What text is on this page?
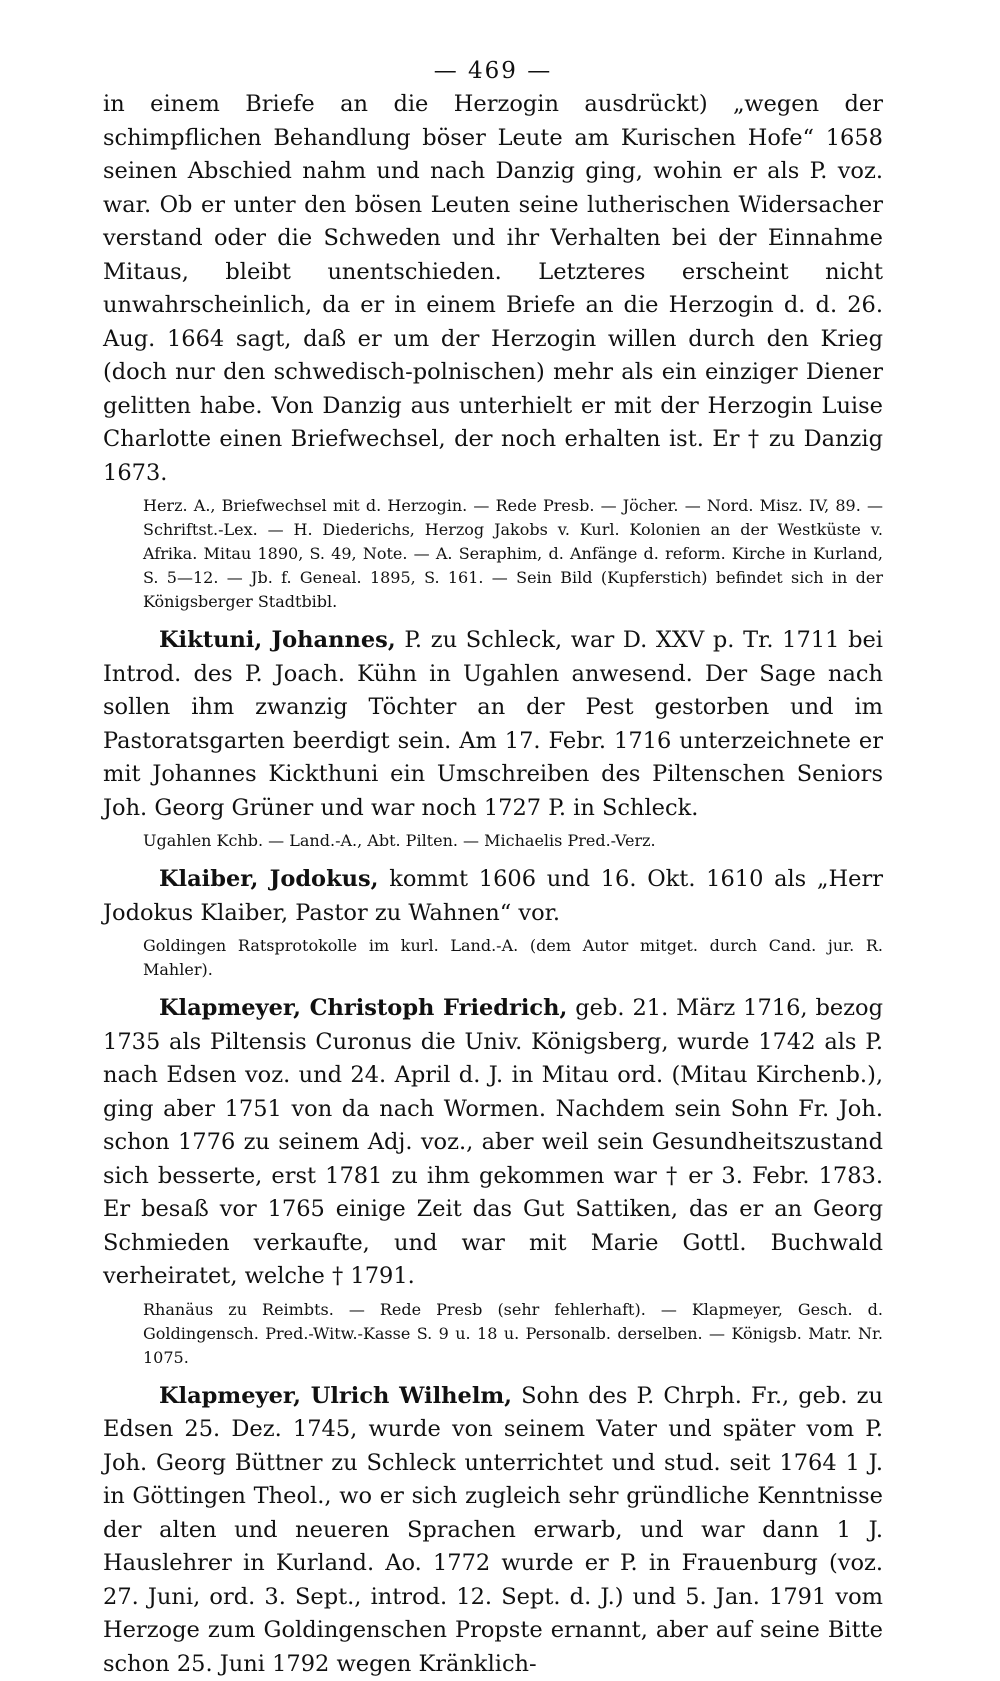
— 469 —

in einem Briefe an die Herzogin ausdrückt) „wegen der schimpflichen Behandlung böser Leute am Kurischen Hofe“ 1658 seinen Abschied nahm und nach Danzig ging, wohin er als P. voz. war. Ob er unter den bösen Leuten seine lutherischen Widersacher verstand oder die Schweden und ihr Verhalten bei der Einnahme Mitaus, bleibt unentschieden. Letzteres erscheint nicht unwahrscheinlich, da er in einem Briefe an die Herzogin d. d. 26. Aug. 1664 sagt, daß er um der Herzogin willen durch den Krieg (doch nur den schwedisch-polnischen) mehr als ein einziger Diener gelitten habe. Von Danzig aus unterhielt er mit der Herzogin Luise Charlotte einen Briefwechsel, der noch erhalten ist. Er † zu Danzig 1673.

Herz. A., Briefwechsel mit d. Herzogin. — Rede Presb. — Jöcher. — Nord. Misz. IV, 89. — Schriftst.-Lex. — H. Diederichs, Herzog Jakobs v. Kurl. Kolonien an der Westküste v. Afrika. Mitau 1890, S. 49, Note. — A. Seraphim, d. Anfänge d. reform. Kirche in Kurland, S. 5—12. — Jb. f. Geneal. 1895, S. 161. — Sein Bild (Kupferstich) befindet sich in der Königsberger Stadtbibl.

Kiktuni, Johannes, P. zu Schleck, war D. XXV p. Tr. 1711 bei Introd. des P. Joach. Kühn in Ugahlen anwesend. Der Sage nach sollen ihm zwanzig Töchter an der Pest gestorben und im Pastoratsgarten beerdigt sein. Am 17. Febr. 1716 unterzeichnete er mit Johannes Kickthuni ein Umschreiben des Piltenschen Seniors Joh. Georg Grüner und war noch 1727 P. in Schleck.

Ugahlen Kchb. — Land.-A., Abt. Pilten. — Michaelis Pred.-Verz.

Klaiber, Jodokus, kommt 1606 und 16. Okt. 1610 als „Herr Jodokus Klaiber, Pastor zu Wahnen“ vor.

Goldingen Ratsprotokolle im kurl. Land.-A. (dem Autor mitget. durch Cand. jur. R. Mahler).

Klapmeyer, Christoph Friedrich, geb. 21. März 1716, bezog 1735 als Piltensis Curonus die Univ. Königsberg, wurde 1742 als P. nach Edsen voz. und 24. April d. J. in Mitau ord. (Mitau Kirchenb.), ging aber 1751 von da nach Wormen. Nachdem sein Sohn Fr. Joh. schon 1776 zu seinem Adj. voz., aber weil sein Gesundheitszustand sich besserte, erst 1781 zu ihm gekommen war † er 3. Febr. 1783. Er besaß vor 1765 einige Zeit das Gut Sattiken, das er an Georg Schmieden verkaufte, und war mit Marie Gottl. Buchwald verheiratet, welche † 1791.

Rhanäus zu Reimbts. — Rede Presb (sehr fehlerhaft). — Klapmeyer, Gesch. d. Goldingensch. Pred.-Witw.-Kasse S. 9 u. 18 u. Personalb. derselben. — Königsb. Matr. Nr. 1075.

Klapmeyer, Ulrich Wilhelm, Sohn des P. Chrph. Fr., geb. zu Edsen 25. Dez. 1745, wurde von seinem Vater und später vom P. Joh. Georg Büttner zu Schleck unterrichtet und stud. seit 1764 1 J. in Göttingen Theol., wo er sich zugleich sehr gründliche Kenntnisse der alten und neueren Sprachen erwarb, und war dann 1 J. Hauslehrer in Kurland. Ao. 1772 wurde er P. in Frauenburg (voz. 27. Juni, ord. 3. Sept., introd. 12. Sept. d. J.) und 5. Jan. 1791 vom Herzoge zum Goldingenschen Propste ernannt, aber auf seine Bitte schon 25. Juni 1792 wegen Kränklich-
